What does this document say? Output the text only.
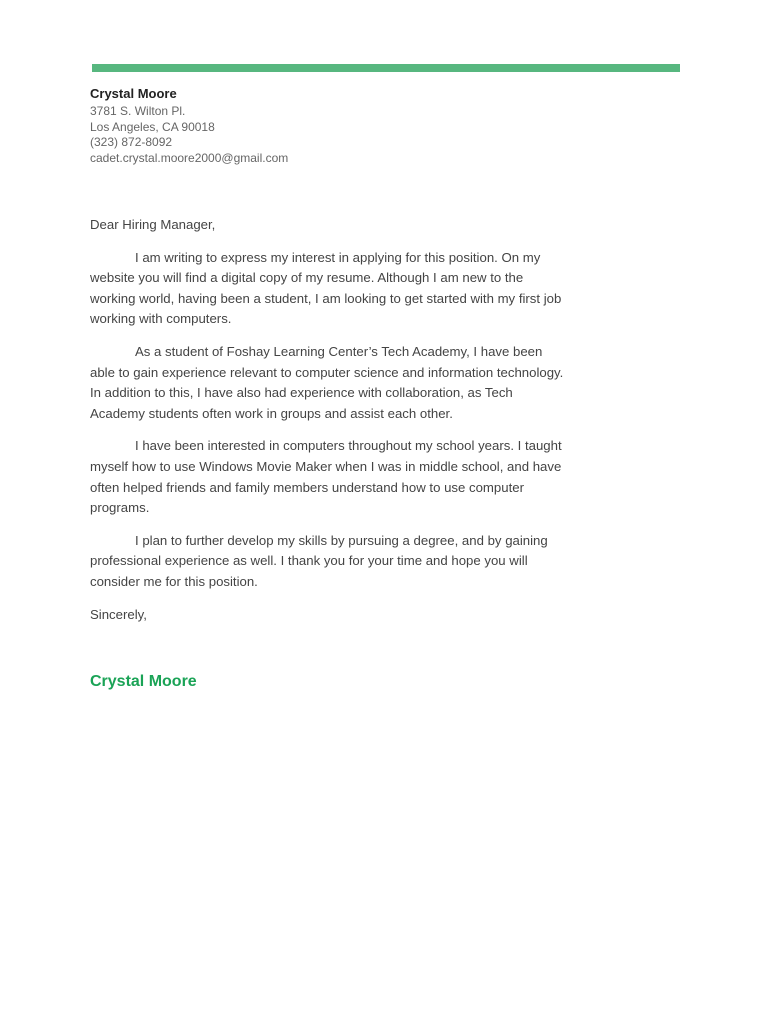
Crystal Moore

3781 S. Wilton Pl.

Los Angeles, CA 90018

(323) 872-8092

cadet.crystal.moore2000@gmail.com

Dear Hiring Manager,

I am writing to express my interest in applying for this position. On my website you will find a digital copy of my resume. Although I am new to the working world, having been a student, I am looking to get started with my first job working with computers.

As a student of Foshay Learning Center’s Tech Academy, I have been able to gain experience relevant to computer science and information technology. In addition to this, I have also had experience with collaboration, as Tech Academy students often work in groups and assist each other.

I have been interested in computers throughout my school years. I taught myself how to use Windows Movie Maker when I was in middle school, and have often helped friends and family members understand how to use computer programs.

I plan to further develop my skills by pursuing a degree, and by gaining professional experience as well. I thank you for your time and hope you will consider me for this position.

Sincerely,

Crystal Moore
